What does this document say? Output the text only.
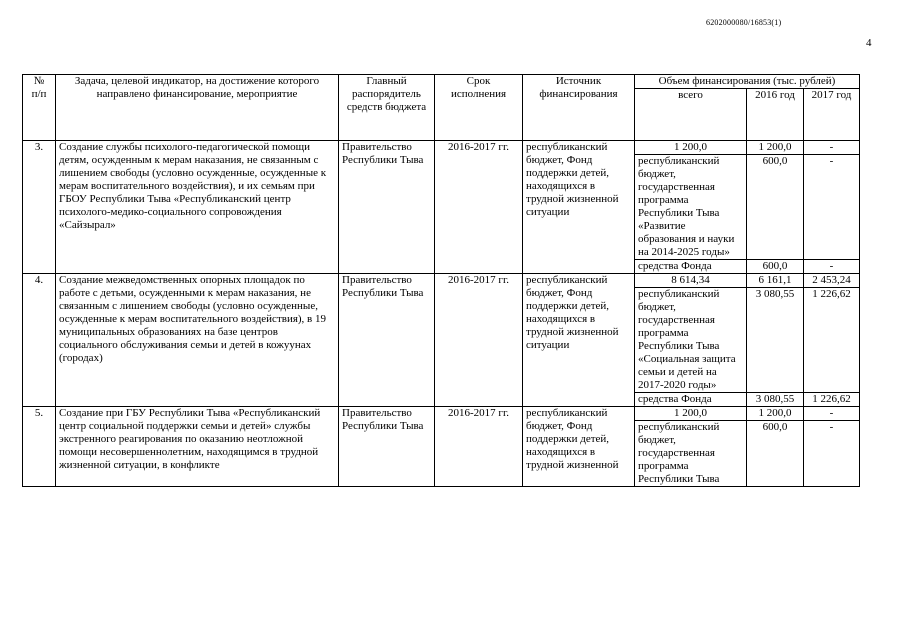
6202000080/16853(1)
4
№
п/п	Задача, целевой индикатор, на достижение которого направлено финансирование, мероприятие	Главный распорядитель средств бюджета	Срок исполнения	Источник финансирования	Объем финансирования (тыс. рублей)		
					всего	2016 год	2017 год
3.	Создание службы психолого-педагогической помощи детям, осужденным к мерам наказания, не связанным с лишением свободы (условно осужденные, осужденные к мерам воспитательного воздействия), и их семьям при ГБОУ Республики Тыва «Республиканский центр психолого-медико-социального сопровождения «Сайзырал»	Правительство Республики Тыва	2016-2017 гг.	республиканский бюджет, Фонд поддержки детей, находящихся в трудной жизненной ситуации	1 200,0	1 200,0	-
					республиканский бюджет, государственная программа Республики Тыва «Развитие образования и науки на 2014-2025 годы»	600,0	-
					средства Фонда	600,0	-
4.	Создание межведомственных опорных площадок по работе с детьми, осужденными к мерам наказания, не связанным с лишением свободы (условно осужденные, осужденные к мерам воспитательного воздействия), в 19 муниципальных образованиях на базе центров социального обслуживания семьи и детей в кожуунах (городах)	Правительство Республики Тыва	2016-2017 гг.	республиканский бюджет, Фонд поддержки детей, находящихся в трудной жизненной ситуации	8 614,34	6 161,1	2 453,24
					республиканский бюджет, государственная программа Республики Тыва «Социальная защита семьи и детей на 2017-2020 годы»	3 080,55	1 226,62
					средства Фонда	3 080,55	1 226,62
5.	Создание при ГБУ Республики Тыва «Республиканский центр социальной поддержки семьи и детей» службы экстренного реагирования по оказанию неотложной помощи несовершеннолетним, находящимся в трудной жизненной ситуации, в конфликте	Правительство Республики Тыва	2016-2017 гг.	республиканский бюджет, Фонд поддержки детей, находящихся в трудной жизненной	1 200,0	1 200,0	-
					республиканский бюджет, государственная программа Республики Тыва	600,0	-
